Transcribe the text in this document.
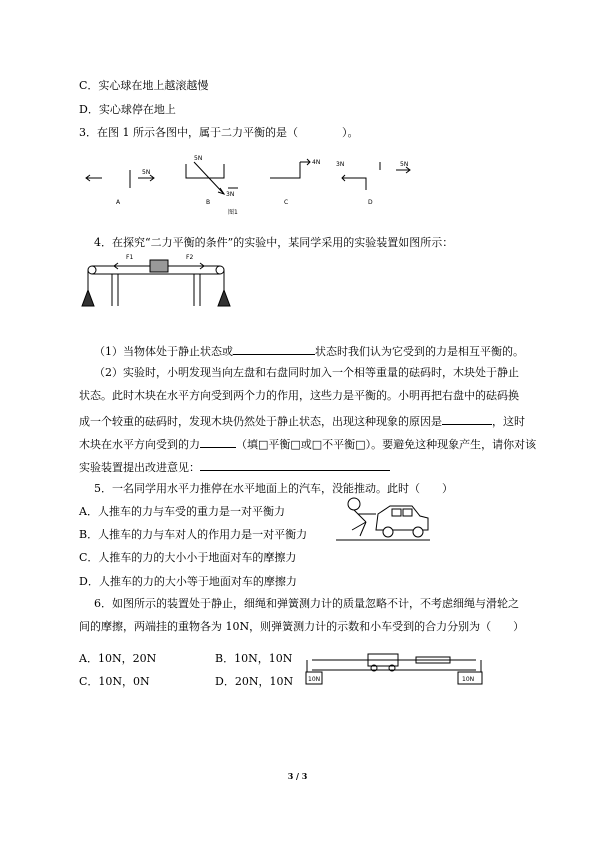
C．实心球在地上越滚越慢
D．实心球停在地上
3．在图 1 所示各图中，属于二力平衡的是（　　　　）。
5N
5N
3N
4N	3N	5N
A	B	C	D
图1
4．在探究“二力平衡的条件”的实验中，某同学采用的实验装置如图所示：
F1	F2
（1）当物体处于静止状态或	状态时我们认为它受到的力是相互平衡的。
（2）实验时，小明发现当向左盘和右盘同时加入一个相等重量的砝码时，木块处于静止
状态。此时木块在水平方向受到两个力的作用，这些力是平衡的。小明再把右盘中的砝码换
成一个较重的砝码时，发现木块仍然处于静止状态，出现这种现象的原因是	，这时
木块在水平方向受到的力	（填□平衡□或□不平衡□）。要避免这种现象产生，请你对该
实验装置提出改进意见：
5．一名同学用水平力推停在水平地面上的汽车，没能推动。此时（　　）
A．人推车的力与车受的重力是一对平衡力
B．人推车的力与车对人的作用力是一对平衡力
C．人推车的力的大小小于地面对车的摩擦力
D．人推车的力的大小等于地面对车的摩擦力
6．如图所示的装置处于静止，细绳和弹簧测力计的质量忽略不计，不考虑细绳与滑轮之
间的摩擦，两端挂的重物各为 10N，则弹簧测力计的示数和小车受到的合力分别为（　　）
A．10N，20N	B．10N，10N
C．10N，0N	D．20N，10N 10N	10N
3 / 3
